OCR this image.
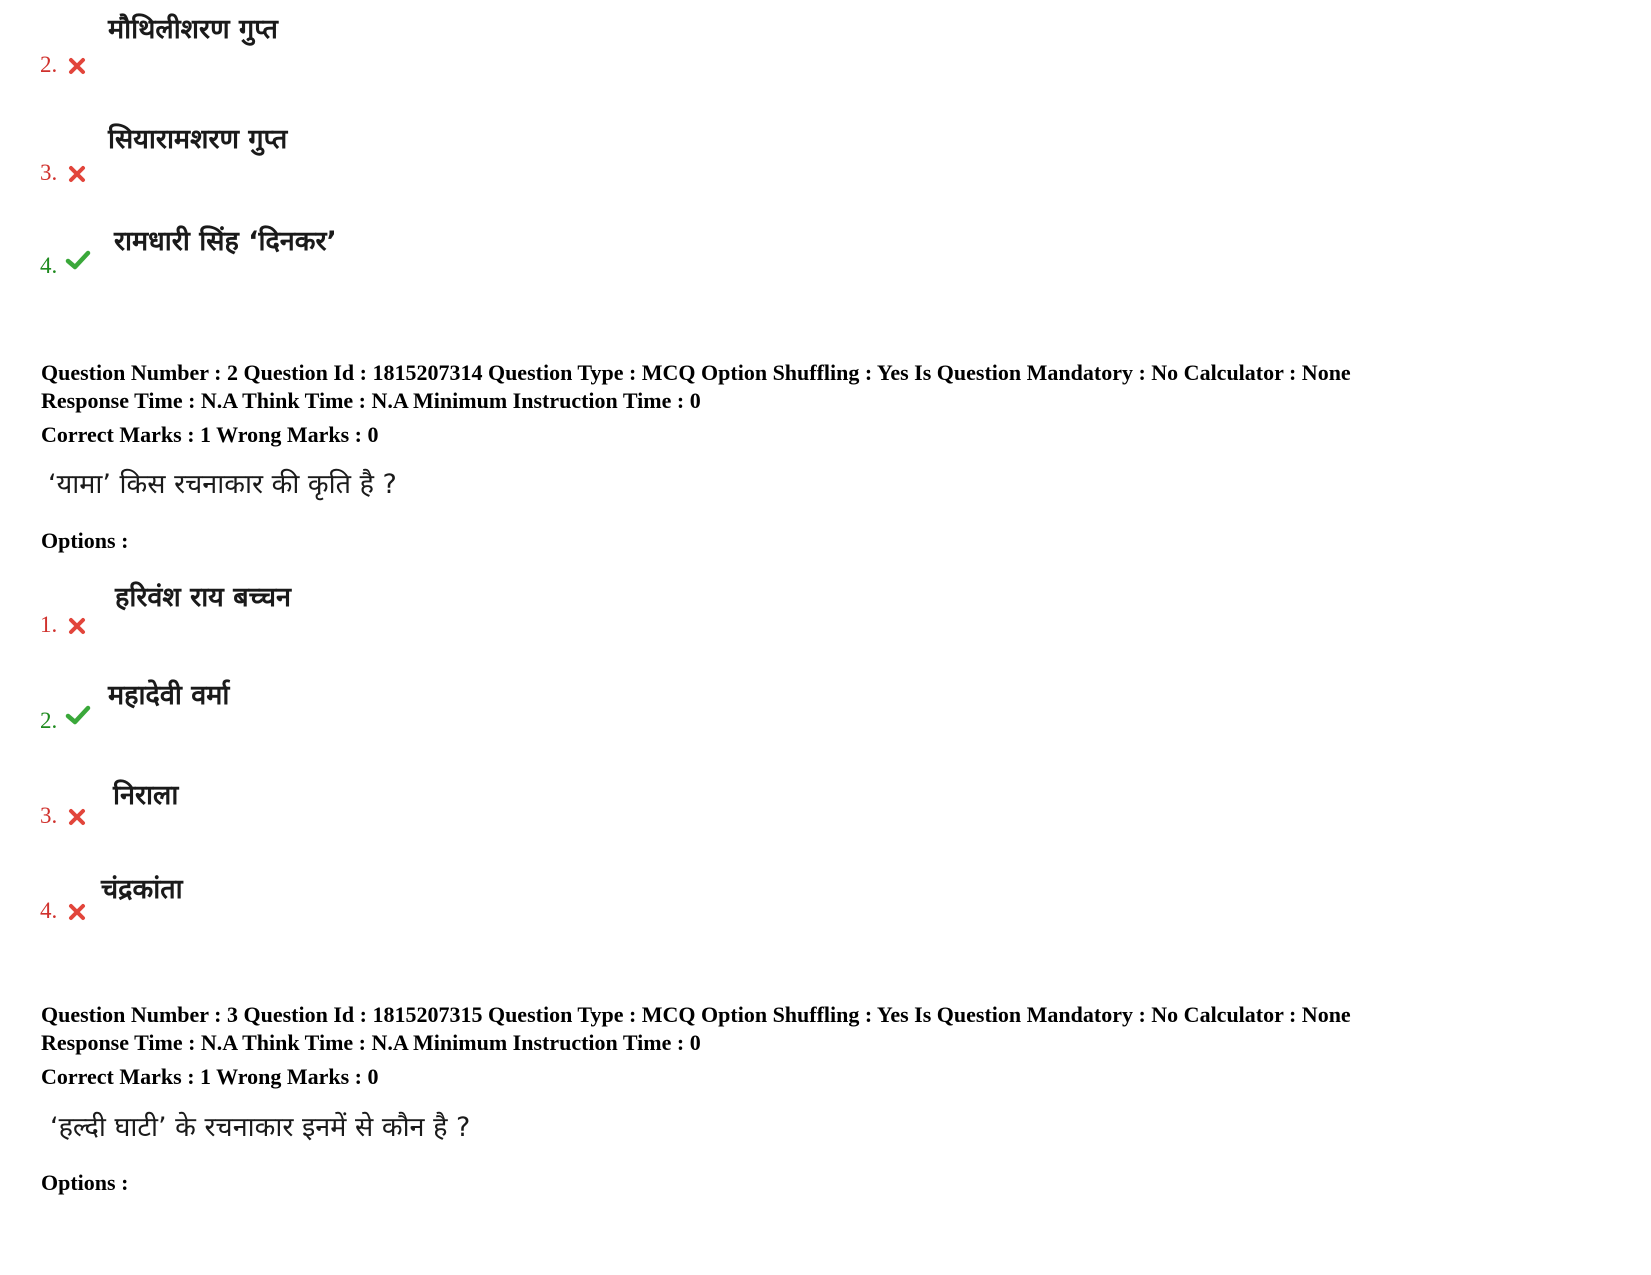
मौथिलीशरण गुप्त
2.
सियारामशरण गुप्त
3.
रामधारी सिंह ‘दिनकर’
4.
Question Number : 2 Question Id : 1815207314 Question Type : MCQ Option Shuffling : Yes Is Question Mandatory : No Calculator : None
Response Time : N.A Think Time : N.A Minimum Instruction Time : 0
Correct Marks : 1 Wrong Marks : 0
‘यामा’ किस रचनाकार की कृति है ?
Options :
हरिवंश राय बच्चन
1.
महादेवी वर्मा
2.
निराला
3.
चंद्रकांता
4.
Question Number : 3 Question Id : 1815207315 Question Type : MCQ Option Shuffling : Yes Is Question Mandatory : No Calculator : None
Response Time : N.A Think Time : N.A Minimum Instruction Time : 0
Correct Marks : 1 Wrong Marks : 0
‘हल्दी घाटी’ के रचनाकार इनमें से कौन है ?
Options :
